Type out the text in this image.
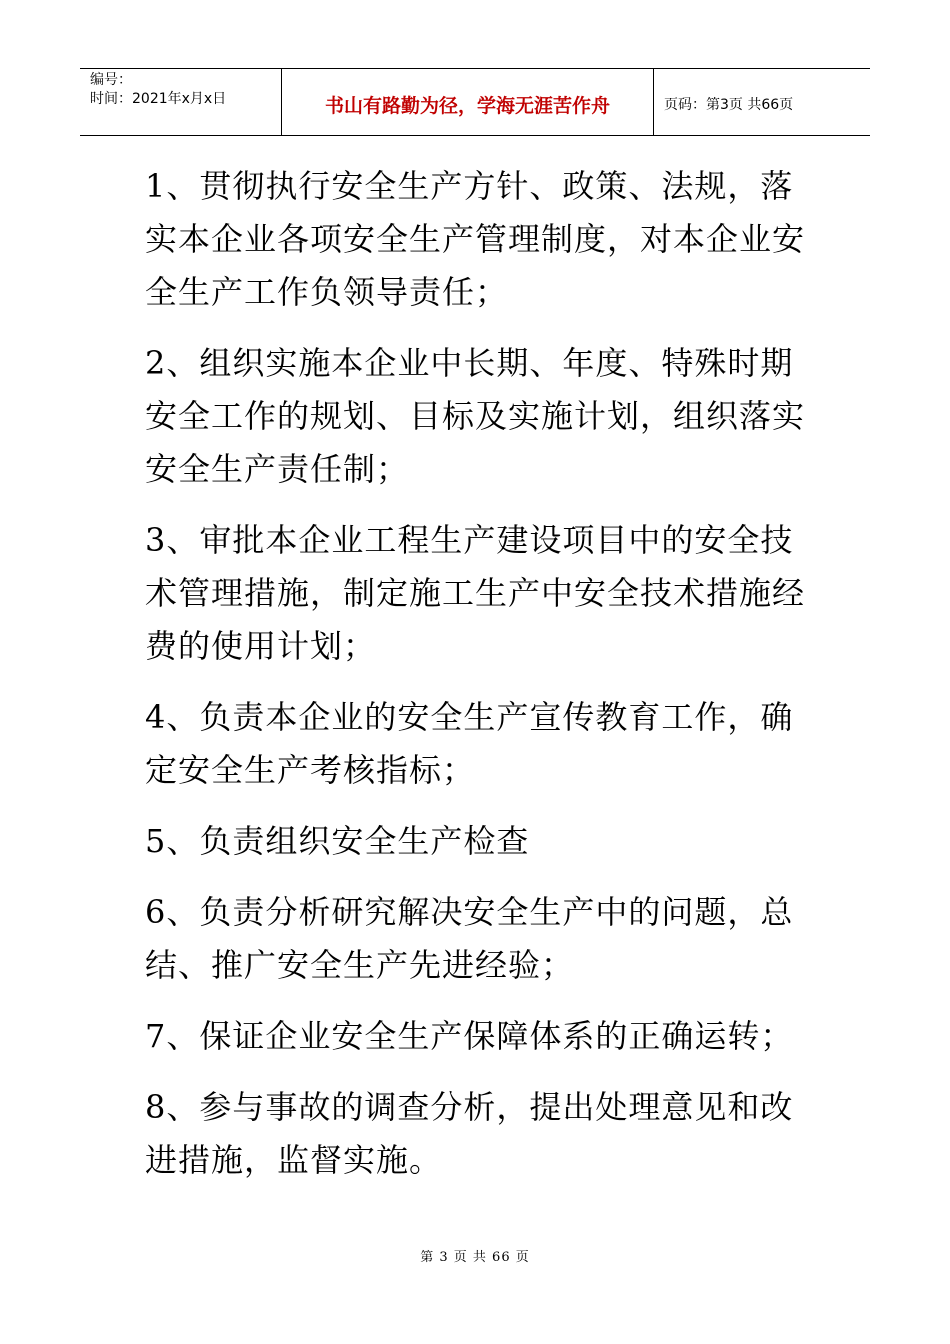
编号：
时间：2021年x月x日	书山有路勤为径，学海无涯苦作舟	页码：第3页 共66页

1、贯彻执行安全生产方针、政策、法规，落实本企业各项安全生产管理制度，对本企业安全生产工作负领导责任；

2、组织实施本企业中长期、年度、特殊时期安全工作的规划、目标及实施计划，组织落实安全生产责任制；

3、审批本企业工程生产建设项目中的安全技术管理措施，制定施工生产中安全技术措施经费的使用计划；

4、负责本企业的安全生产宣传教育工作，确定安全生产考核指标；

5、负责组织安全生产检查

6、负责分析研究解决安全生产中的问题，总结、推广安全生产先进经验；

7、保证企业安全生产保障体系的正确运转；

8、参与事故的调查分析，提出处理意见和改进措施，监督实施。

第 3 页 共 66 页
